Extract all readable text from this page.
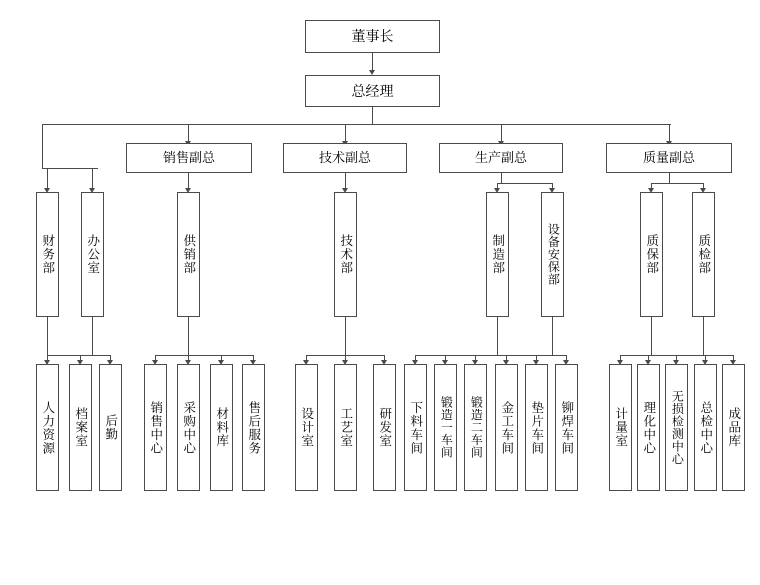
董事长
总经理
销售副总	技术副总	生产副总	质量副总
财务部 办公室	供销部	技术部	制造部	设备安保部	质保部	质检部
人力资源 档案室 后勤 销售中心 采购中心 材料库 售后服务	设计室 工艺室 研发室 下料车间 锻造一车间 锻造二车间 金工车间 垫片车间 铆焊车间	计量室 理化中心 无损检测中心 总检中心 成品库
